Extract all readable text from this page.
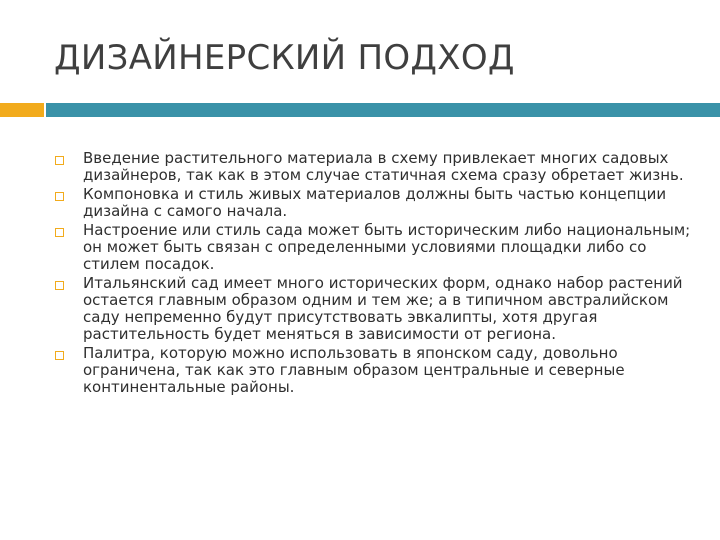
ДИЗАЙНЕРСКИЙ ПОДХОД
Введение растительного материала в схему привлекает многих садовых дизайнеров, так как в этом случае статичная схема сразу обретает жизнь.
Компоновка и стиль живых материалов должны быть частью концепции дизайна с самого начала.
Настроение или стиль сада может быть историческим либо национальным; он может быть связан с определенными условиями площадки либо со стилем посадок.
Итальянский сад имеет много исторических форм, однако набор растений остается главным образом одним и тем же; а в типичном австралийском саду непременно будут присутствовать эвкалипты, хотя другая растительность будет меняться в зависимости от региона.
Палитра, которую можно использовать в японском саду, довольно ограничена, так как это главным образом центральные и северные континентальные районы.
